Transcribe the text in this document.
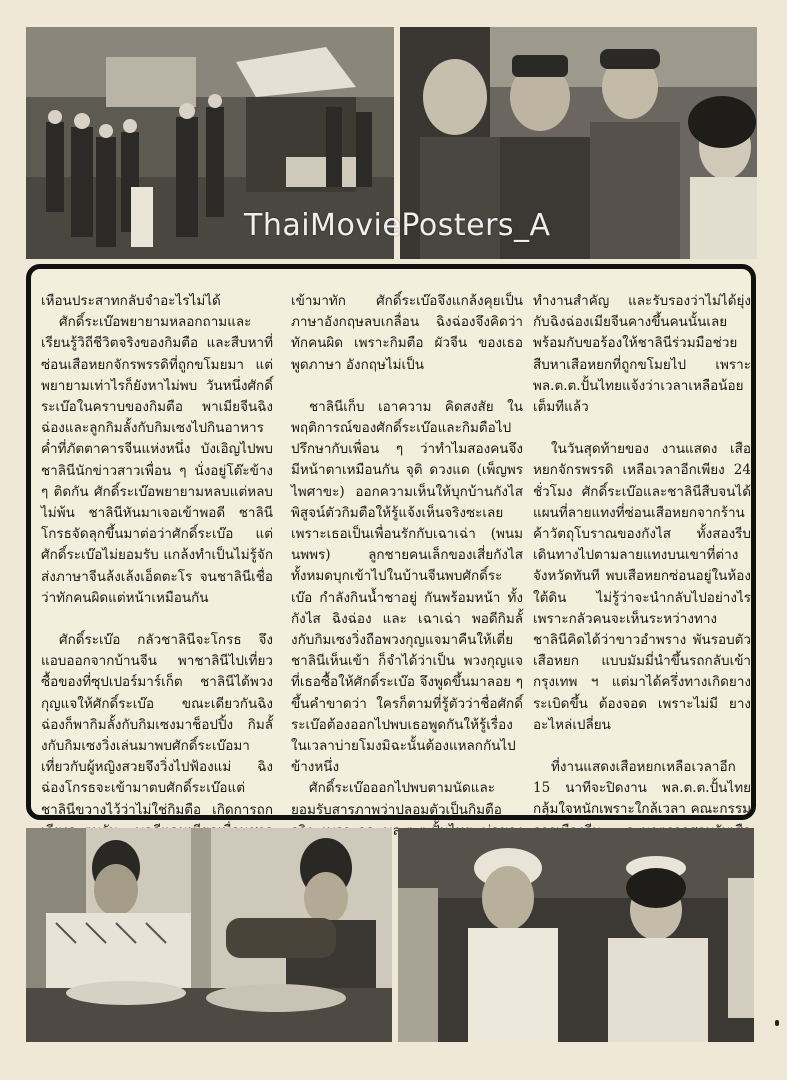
ThaiMoviePosters_A

เหือนประสาทกลับจำอะไรไม่ได้

ศักดิ์ระเบ๊อพยายามหลอกถามและเรียนรู้วิถีชีวิตจริงของกิมตือ และสืบหาที่ซ่อนเสือหยกจักรพรรดิที่ถูกขโมยมา แต่พยายามเท่าไรก็ยังหาไม่พบ วันหนึ่งศักดิ์ระเบ๊อในคราบของกิมตือ พาเมียจีนฉิงฉ่องและลูกกิมลั้งกับกิมเซงไปกินอาหารค่ำที่ภัตตาคารจีนแห่งหนึ่ง บังเอิญไปพบชาลินีนักข่าวสาวเพื่อน ๆ นั่งอยู่โต๊ะข้าง ๆ ติดกัน ศักดิ์ระเบ๊อพยายามหลบแต่หลบไม่พ้น ชาลินีหันมาเจอเข้าพอดี ชาลินีโกรธจัดลุกขึ้นมาต่อว่าศักดิ์ระเบ๊อ แต่ศักดิ์ระเบ๊อไม่ยอมรับ แกล้งทำเป็นไม่รู้จักส่งภาษาจีนล้งเล้งเอ็ดตะโร จนชาลินีเชื่อว่าทักคนผิดแต่หน้าเหมือนกัน

ศักดิ์ระเบ๊อ กลัวชาลินีจะโกรธ จึงแอบออกจากบ้านจีน พาชาลินีไปเที่ยวซื้อของที่ซุปเปอร์มาร์เก็ต ชาลินีได้พวงกุญแจให้ศักดิ์ระเบ๊อ ขณะเดียวกันฉิงฉ่องก็พากิมลั้งกับกิมเซงมาช็อปปิ้ง กิมลั้งกับกิมเซงวิ่งเล่นมาพบศักดิ์ระเบ๊อมาเที่ยวกับผู้หญิงสวยจึงวิ่งไปฟ้องแม่ ฉิงฉ่องโกรธจะเข้ามาตบศักดิ์ระเบ๊อแต่ชาลินีขวางไว้ว่าไม่ใช่กิมตือ เกิดการถก

เข้ามาทัก ศักดิ์ระเบ๊อจึงแกล้งคุยเป็นภาษาอังกฤษลบเกลื่อน ฉิงฉ่องจึงคิดว่าทักคนผิด เพราะกิมตือ ผัวจีน ของเธอ พูดภาษา อังกฤษไม่เป็น

ชาลินีเก็บ เอาความ คิดสงสัย ในพฤติการณ์ของศักดิ์ระเบ๊อและกิมตือไปปรึกษากับเพื่อน ๆ ว่าทำไมสองคนจึงมีหน้าตาเหมือนกัน จุติ ดวงแด (เพ็ญพร ไพศาขะ) ออกความเห็นให้บุกบ้านกังไส พิสูจน์ตัวกิมตือให้รู้แจ้งเห็นจริงซะเลย เพราะเธอเป็นเพื่อนรักกับเฉาเฉ่า (พนม นพพร) ลูกชายคนเล็กของเสี่ยกังไส ทั้งหมดบุกเข้าไปในบ้านจีนพบศักดิ์ระเบ๊อ กำลังกินน้ำชาอยู่ กันพร้อมหน้า ทั้งกังไส ฉิงฉ่อง และ เฉาเฉ่า พอดีกิมลั้งกับกิมเซงวิ่งถือพวงกุญแจมาคืนให้เตี่ย ชาลินีเห็นเข้า ก็จำได้ว่าเป็น พวงกุญแจ ที่เธอซื้อให้ศักดิ์ระเบ๊อ จึงพูดขึ้นมาลอย ๆ ขึ้นคำขาดว่า ใครก็ตามที่รู้ตัวว่าชื่อศักดิ์ระเบ๊อต้องออกไปพบเธอพูดกันให้รู้เรื่อง ในเวลาบ่ายโมงมิฉะนั้นต้องแหลกกันไปข้างหนึ่ง

ศักดิ์ระเบ๊อออกไปพบตามนัดและยอมรับสารภาพว่าปลอมตัวเป็นกิมตือ

ทำงานสำคัญ และรับรองว่าไม่ได้ยุ่งกับฉิงฉ่องเมียจีนคางขึ้นคนนั้นเลยพร้อมกับขอร้องให้ชาลินีร่วมมือช่วยสืบหาเสือหยกที่ถูกขโมยไป เพราะ พล.ต.ต.ปั้นไทยแจ้งว่าเวลาเหลือน้อยเต็มทีแล้ว

ในวันสุดท้ายของ งานแสดง เสือหยกจักรพรรดิ เหลือเวลาอีกเพียง 24 ชั่วโมง ศักดิ์ระเบ๊อและชาลินีสืบจนได้แผนที่ลายแทงที่ซ่อนเสือหยกจากร้านค้าวัตถุโบราณของกังไส ทั้งสองรีบเดินทางไปตามลายแทงบนเขาที่ต่างจังหวัดทันที พบเสือหยกซ่อนอยู่ในห้องใต้ดิน ไม่รู้ว่าจะนำกลับไปอย่างไรเพราะกลัวคนจะเห็นระหว่างทาง ชาลินีคิดได้ว่าขาวอำพราง พันรอบตัวเสือหยก แบบมัมมี่นำขึ้นรถกลับเข้ากรุงเทพ ฯ แต่มาได้ครึ่งทางเกิดยางระเบิดขึ้น ต้องจอด เพราะไม่มี ยางอะไหล่เปลี่ยน

ที่งานแสดงเสือหยกเหลือเวลาอีก 15 นาทีจะปิดงาน พล.ต.ต.ปั้นไทยกลุ้มใจหนักเพราะใกล้เวลา คณะกรรม
